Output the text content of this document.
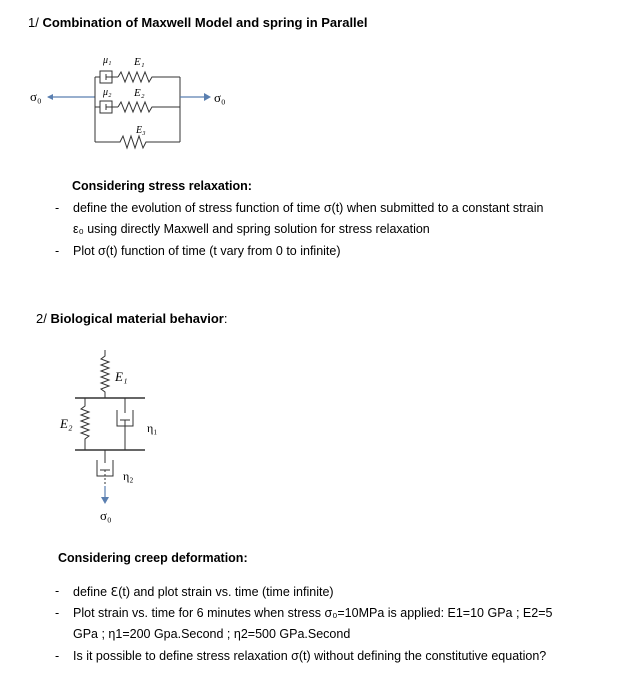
1/ Combination of Maxwell Model and spring in Parallel
σ₀	σ₀
μ₁ E₁
μ₂ E₂
E₃
Considering stress relaxation:
- define the evolution of stress function of time σ(t) when submitted to a constant strain
ε₀ using directly Maxwell and spring solution for stress relaxation
- Plot σ(t) function of time (t vary from 0 to infinite)
2/ Biological material behavior:
E₁
E₂	η₁
η₂
σ₀
Considering creep deformation:
- define ℇ(t) and plot strain vs. time (time infinite)
- Plot strain vs. time for 6 minutes when stress σ₀=10MPa is applied: E1=10 GPa ; E2=5
GPa ; η1=200 Gpa.Second ; η2=500 GPa.Second
- Is it possible to define stress relaxation σ(t) without defining the constitutive equation?
